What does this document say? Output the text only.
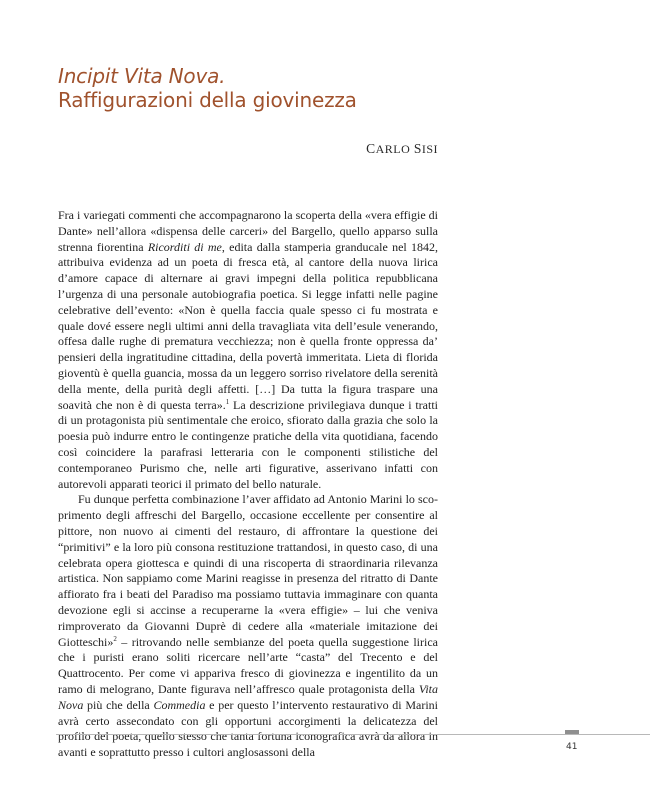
Incipit Vita Nova.
Raffigurazioni della giovinezza
CARLO SISI

Fra i variegati commenti che accompagnarono la scoperta della «vera effigie di Dante» nell’allora «dispensa delle carceri» del Bargello, quello apparso sulla strenna fiorentina Ricorditi di me, edita dalla stamperia granducale nel 1842, attribuiva evidenza ad un poeta di fresca età, al cantore della nuova lirica d’amore capace di alternare ai gravi impegni della politica repubblicana l’urgenza di una personale autobiografia poetica. Si legge infatti nelle pagine celebrative dell’evento: «Non è quella faccia quale spesso ci fu mostrata e quale dové essere negli ultimi anni della travagliata vita dell’esule venerando, offesa dalle rughe di prematura vecchiezza; non è quella fronte oppressa da’ pensieri della ingratitudine cittadina, della povertà immeritata. Lieta di florida gioventù è quella guancia, mossa da un leggero sorriso rivelatore della serenità della mente, della purità degli affetti. […] Da tutta la figura traspare una soavità che non è di questa terra».$^1$ La descrizione privilegiava dunque i tratti di un protagonista più sentimentale che eroico, sfiorato dalla grazia che solo la poesia può indurre entro le contingenze pratiche della vita quotidiana, facendo così coincidere la parafrasi letteraria con le componenti stilistiche del contemporaneo Purismo che, nelle arti figurative, asserivano infatti con autorevoli apparati teorici il primato del bello naturale.

Fu dunque perfetta combinazione l’aver affidato ad Antonio Marini lo scoprimento degli affreschi del Bargello, occasione eccellente per consentire al pittore, non nuovo ai cimenti del restauro, di affrontare la questione dei “primitivi” e la loro più consona restituzione trattandosi, in questo caso, di una celebrata opera giottesca e quindi di una riscoperta di straordinaria rilevanza artistica. Non sappiamo come Marini reagisse in presenza del ritratto di Dante affiorato fra i beati del Paradiso ma possiamo tuttavia immaginare con quanta devozione egli si accinse a recuperarne la «vera effigie» – lui che veniva rimproverato da Giovanni Duprè di cedere alla «materiale imitazione dei Giotteschi»$^2$ – ritrovando nelle sembianze del poeta quella suggestione lirica che i puristi erano soliti ricercare nell’arte “casta” del Trecento e del Quattrocento. Per come vi appariva fresco di giovinezza e ingentilito da un ramo di melograno, Dante figurava nell’affresco quale protagonista della Vita Nova più che della Commedia e per questo l’intervento restaurativo di Marini avrà certo assecondato con gli opportuni accorgimenti la delicatezza del profilo del poeta, quello stesso che tanta fortuna iconografica avrà da allora in avanti e soprattutto presso i cultori anglosassoni della	41
